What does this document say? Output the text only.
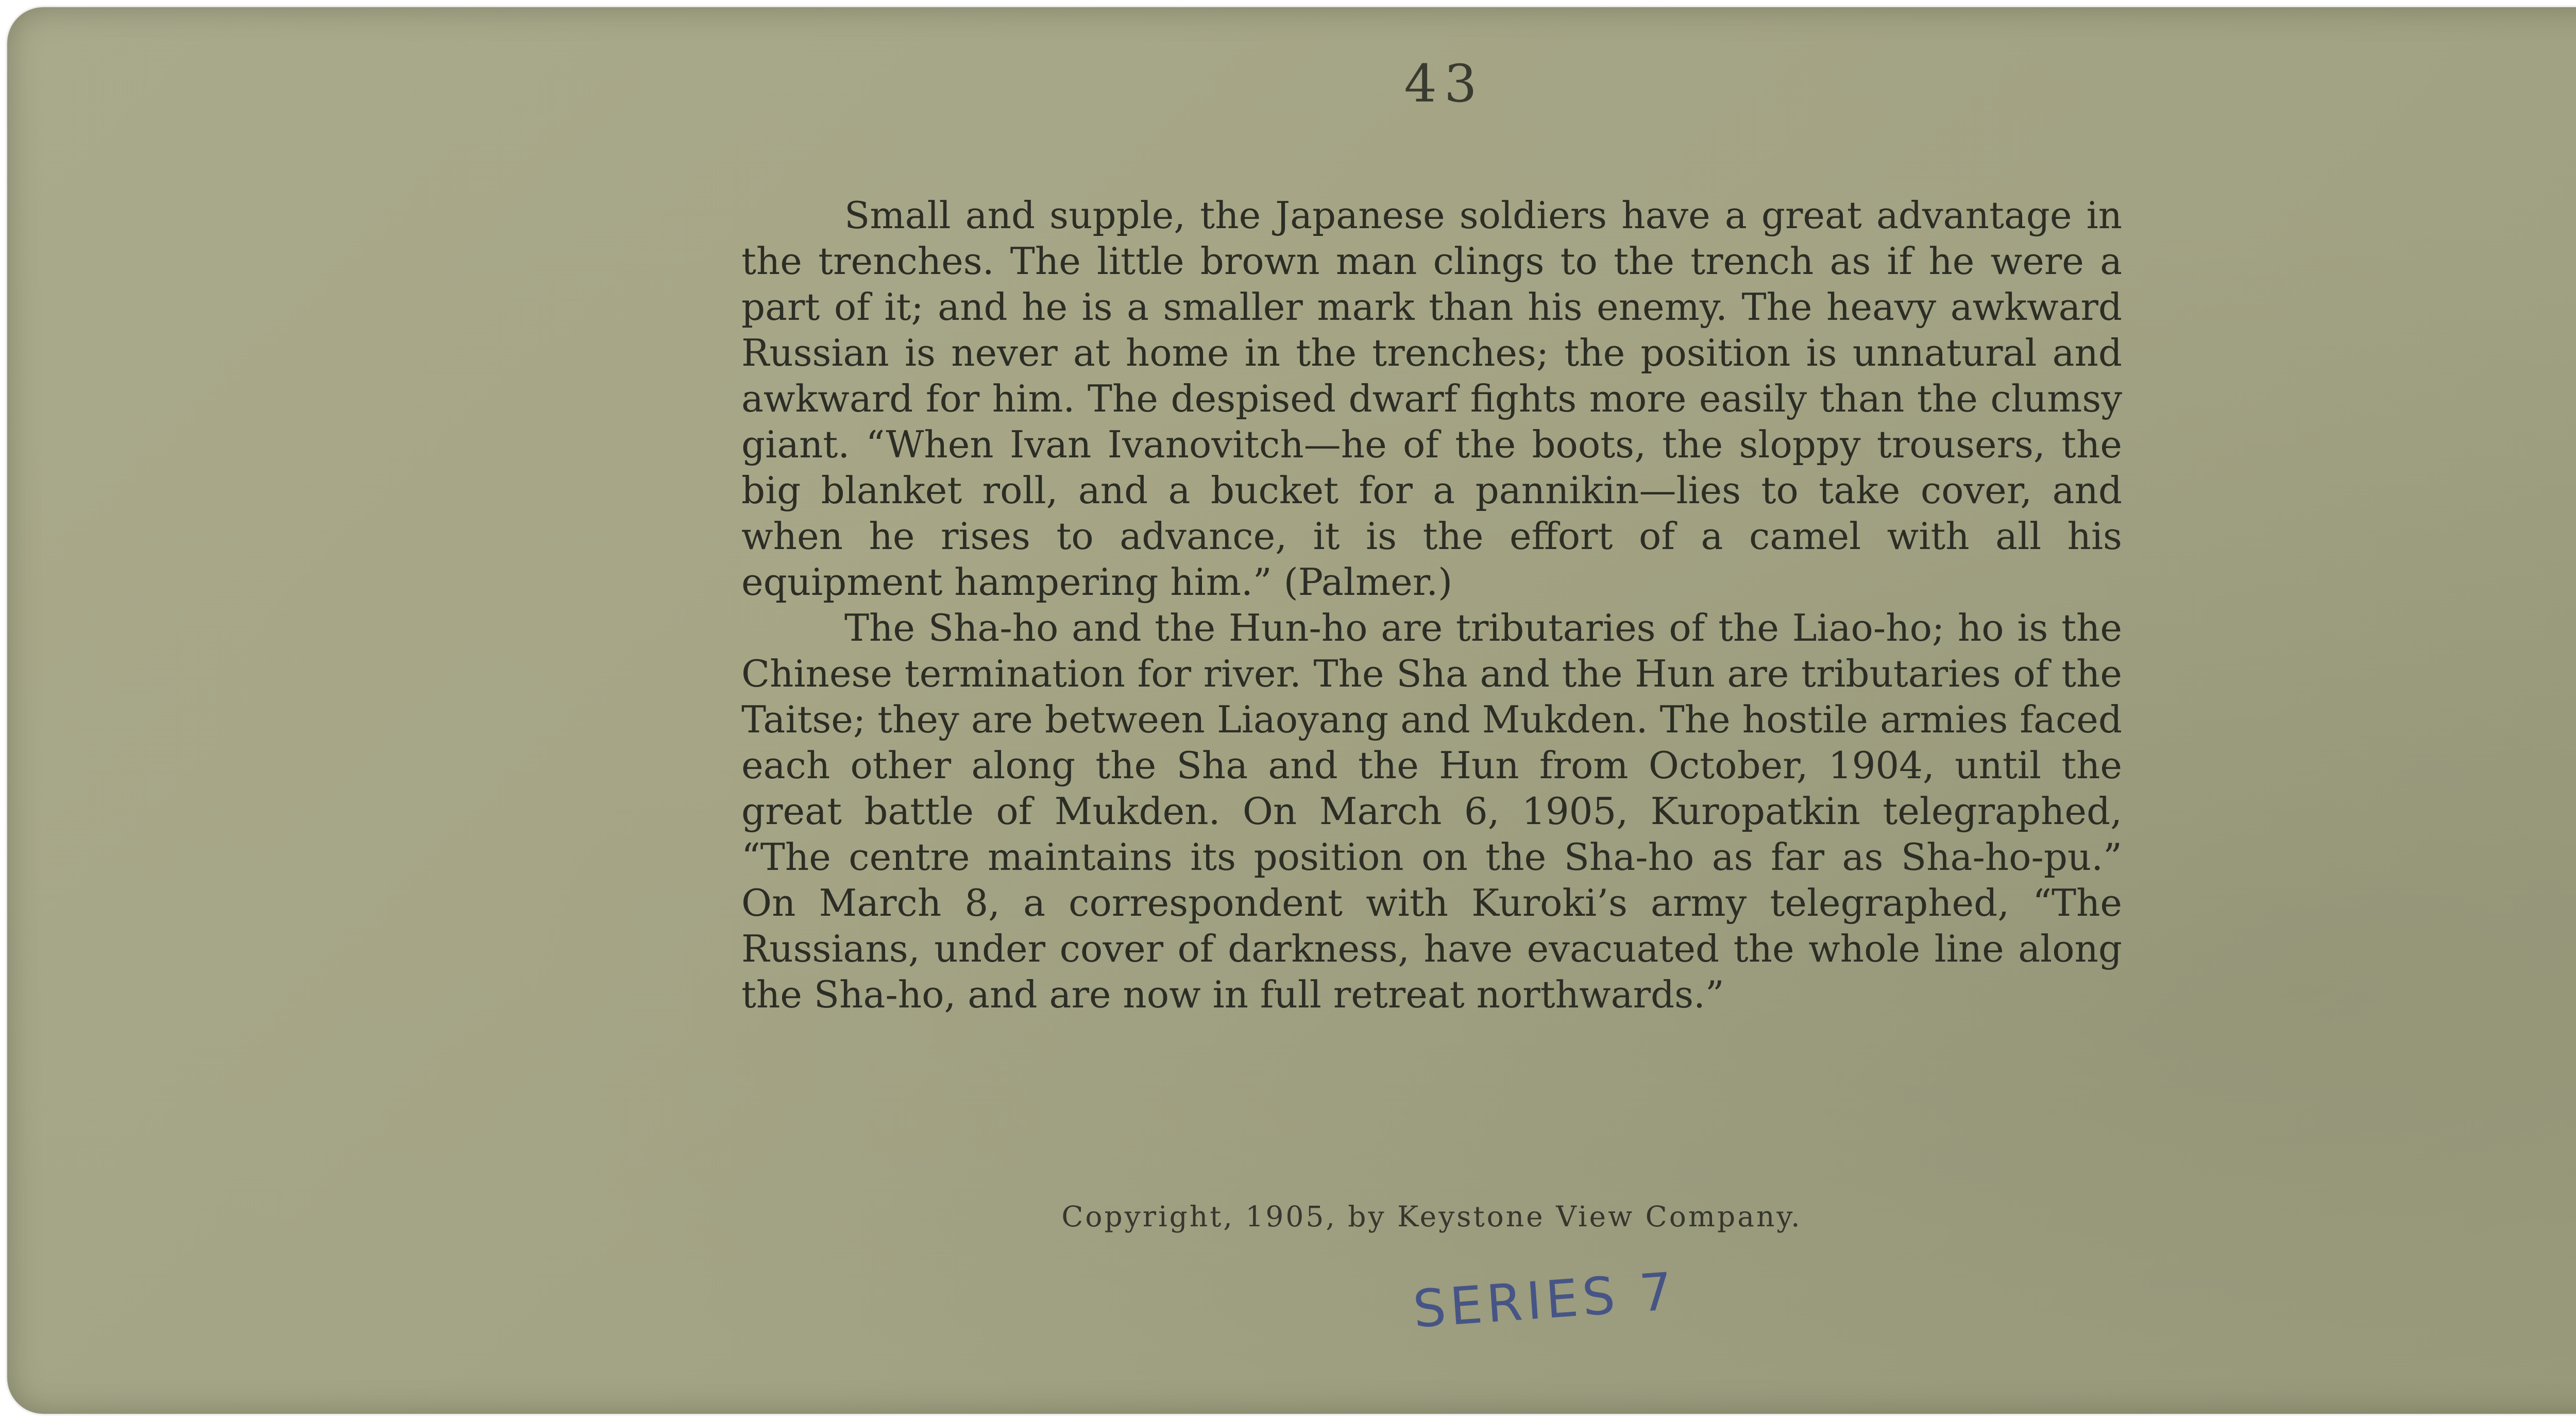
43

Small and supple, the Japanese soldiers have a great advantage in the trenches. The little brown man clings to the trench as if he were a part of it; and he is a smaller mark than his enemy. The heavy awkward Russian is never at home in the trenches; the position is unnatural and awkward for him. The despised dwarf fights more easily than the clumsy giant. “When Ivan Ivanovitch—he of the boots, the sloppy trousers, the big blanket roll, and a bucket for a pannikin—lies to take cover, and when he rises to advance, it is the effort of a camel with all his equipment hampering him.” (Palmer.)

The Sha-ho and the Hun-ho are tributaries of the Liao-ho; ho is the Chinese termination for river. The Sha and the Hun are tributaries of the Taitse; they are between Liaoyang and Mukden. The hostile armies faced each other along the Sha and the Hun from October, 1904, until the great battle of Mukden. On March 6, 1905, Kuropatkin telegraphed, “The centre maintains its position on the Sha-ho as far as Sha-ho-pu.” On March 8, a correspondent with Kuroki’s army telegraphed, “The Russians, under cover of darkness, have evacuated the whole line along the Sha-ho, and are now in full retreat northwards.”

Copyright, 1905, by Keystone View Company.
SERIES 7
